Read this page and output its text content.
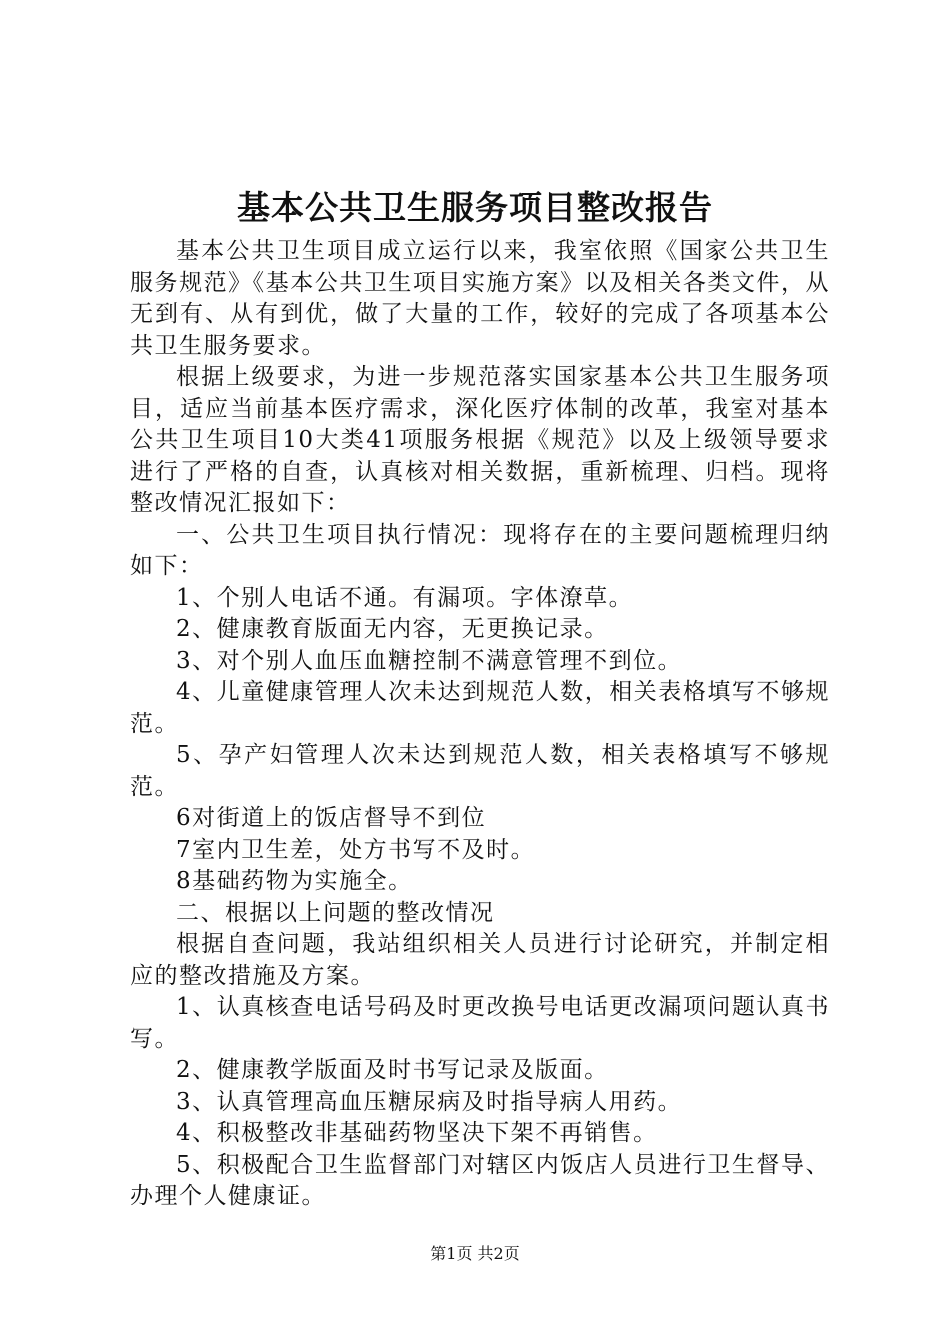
基本公共卫生服务项目整改报告

基本公共卫生项目成立运行以来，我室依照《国家公共卫生服务规范》《基本公共卫生项目实施方案》以及相关各类文件，从无到有、从有到优，做了大量的工作，较好的完成了各项基本公共卫生服务要求。

根据上级要求，为进一步规范落实国家基本公共卫生服务项目，适应当前基本医疗需求，深化医疗体制的改革，我室对基本公共卫生项目10大类41项服务根据《规范》以及上级领导要求进行了严格的自查，认真核对相关数据，重新梳理、归档。现将整改情况汇报如下：

一、公共卫生项目执行情况：现将存在的主要问题梳理归纳如下：

1、个别人电话不通。有漏项。字体潦草。

2、健康教育版面无内容，无更换记录。

3、对个别人血压血糖控制不满意管理不到位。

4、儿童健康管理人次未达到规范人数，相关表格填写不够规范。

5、孕产妇管理人次未达到规范人数，相关表格填写不够规范。

6对街道上的饭店督导不到位

7室内卫生差，处方书写不及时。

8基础药物为实施全。

二、根据以上问题的整改情况

根据自查问题，我站组织相关人员进行讨论研究，并制定相应的整改措施及方案。

1、认真核查电话号码及时更改换号电话更改漏项问题认真书写。

2、健康教学版面及时书写记录及版面。

3、认真管理高血压糖尿病及时指导病人用药。

4、积极整改非基础药物坚决下架不再销售。

5、积极配合卫生监督部门对辖区内饭店人员进行卫生督导、办理个人健康证。

第1页 共2页
